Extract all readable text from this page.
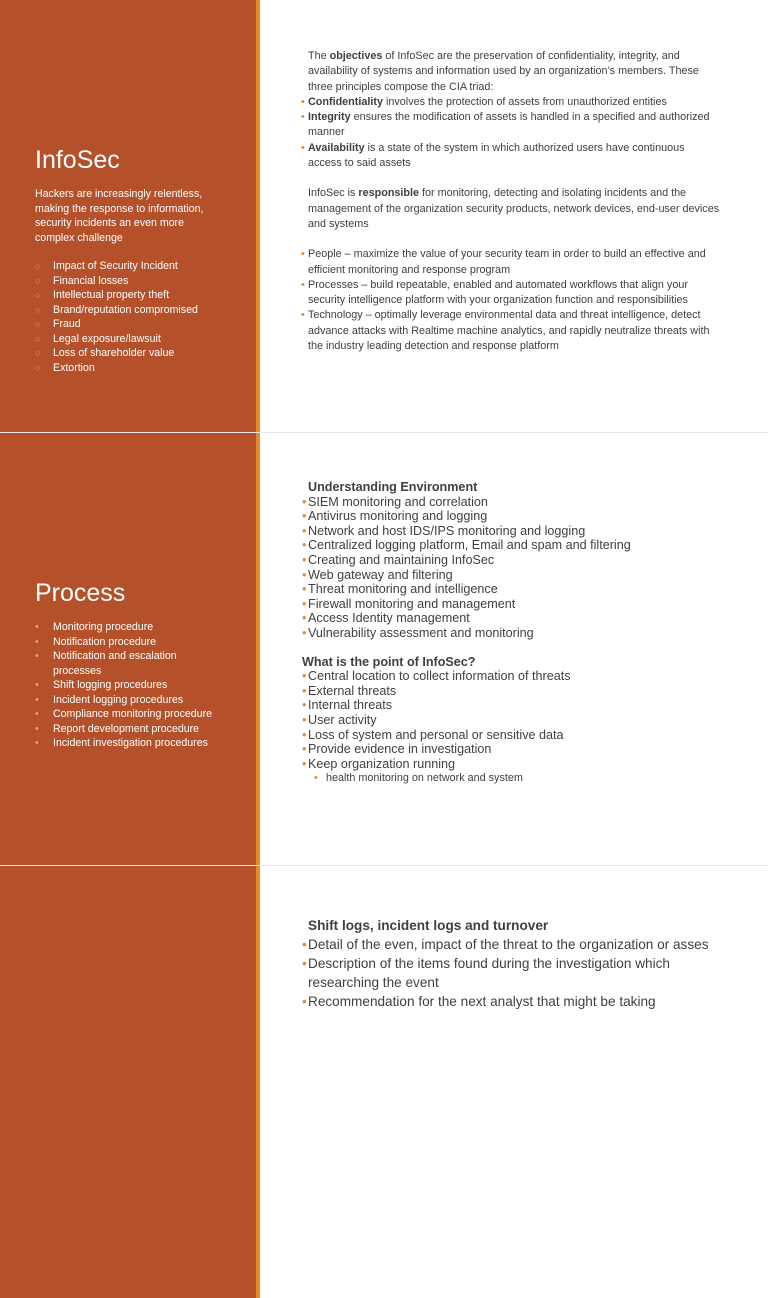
InfoSec

Hackers are increasingly relentless, making the response to information, security incidents an even more complex challenge

○ Impact of Security Incident
○ Financial losses
○ Intellectual property theft
○ Brand/reputation compromised
○ Fraud
○ Legal exposure/lawsuit
○ Loss of shareholder value
○ Extortion

The objectives of InfoSec are the preservation of confidentiality, integrity, and availability of systems and information used by an organization’s members. These three principles compose the CIA triad:

• Confidentiality involves the protection of assets from unauthorized entities
• Integrity ensures the modification of assets is handled in a specified and authorized manner
• Availability is a state of the system in which authorized users have continuous access to said assets

InfoSec is responsible for monitoring, detecting and isolating incidents and the management of the organization security products, network devices, end-user devices and systems

• People – maximize the value of your security team in order to build an effective and efficient monitoring and response program
• Processes – build repeatable, enabled and automated workflows that align your security intelligence platform with your organization function and responsibilities
• Technology – optimally leverage environmental data and threat intelligence, detect advance attacks with Realtime machine analytics, and rapidly neutralize threats with the industry leading detection and response platform
Process
• Monitoring procedure
• Notification procedure
• Notification and escalation processes
• Shift logging procedures
• Incident logging procedures
• Compliance monitoring procedure
• Report development procedure
• Incident investigation procedures

Understanding Environment

• SIEM monitoring and correlation
• Antivirus monitoring and logging
• Network and host IDS/IPS monitoring and logging
• Centralized logging platform, Email and spam and filtering
• Creating and maintaining InfoSec
• Web gateway and filtering
• Threat monitoring and intelligence
• Firewall monitoring and management
• Access Identity management
• Vulnerability assessment and monitoring

What is the point of InfoSec?

• Central location to collect information of threats
• External threats
• Internal threats
• User activity
• Loss of system and personal or sensitive data
• Provide evidence in investigation
• Keep organization running
• health monitoring on network and system

Shift logs, incident logs and turnover

• Detail of the even, impact of the threat to the organization or asses
• Description of the items found during the investigation which researching the event
• Recommendation for the next analyst that might be taking
